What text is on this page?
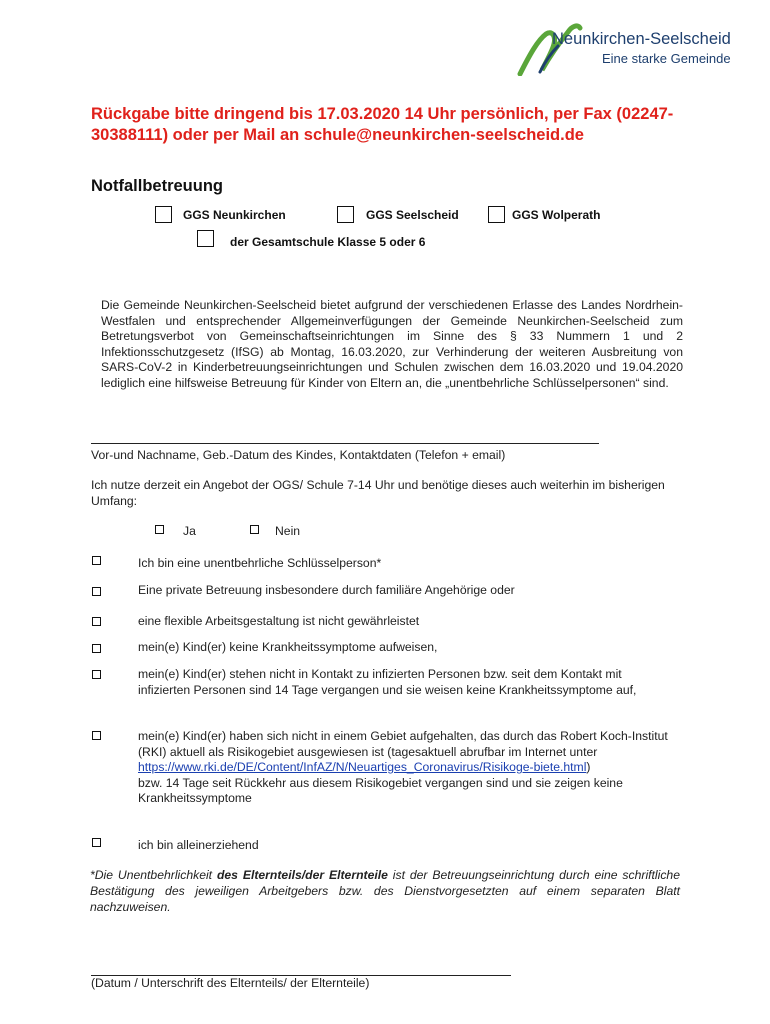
Neunkirchen-Seelscheid
Eine starke Gemeinde
Rückgabe bitte dringend bis 17.03.2020 14 Uhr persönlich, per Fax (02247-30388111) oder per Mail an schule@neunkirchen-seelscheid.de
Notfallbetreuung
GGS Neunkirchen	GGS Seelscheid	GGS Wolperath
der Gesamtschule Klasse 5 oder 6
Die Gemeinde Neunkirchen-Seelscheid bietet aufgrund der verschiedenen Erlasse des Landes Nordrhein-Westfalen und entsprechender Allgemeinverfügungen der Gemeinde Neunkirchen-Seelscheid zum Betretungsverbot von Gemeinschaftseinrichtungen im Sinne des § 33 Nummern 1 und 2 Infektionsschutzgesetz (IfSG) ab Montag, 16.03.2020, zur Verhinderung der weiteren Ausbreitung von SARS-CoV-2 in Kinderbetreuungseinrichtungen und Schulen zwischen dem 16.03.2020 und 19.04.2020 lediglich eine hilfsweise Betreuung für Kinder von Eltern an, die „unentbehrliche Schlüsselpersonen“ sind.
Vor-und Nachname, Geb.-Datum des Kindes, Kontaktdaten (Telefon + email)
Ich nutze derzeit ein Angebot der OGS/ Schule 7-14 Uhr und benötige dieses auch weiterhin im bisherigen Umfang:
Ja	Nein
Ich bin eine unentbehrliche Schlüsselperson*
Eine private Betreuung insbesondere durch familiäre Angehörige oder
eine flexible Arbeitsgestaltung ist nicht gewährleistet
mein(e) Kind(er) keine Krankheitssymptome aufweisen,
mein(e) Kind(er) stehen nicht in Kontakt zu infizierten Personen bzw. seit dem Kontakt mit infizierten Personen sind 14 Tage vergangen und sie weisen keine Krankheitssymptome auf,
mein(e) Kind(er) haben sich nicht in einem Gebiet aufgehalten, das durch das Robert Koch-Institut (RKI) aktuell als Risikogebiet ausgewiesen ist (tagesaktuell abrufbar im Internet unter
https://www.rki.de/DE/Content/InfAZ/N/Neuartiges_Coronavirus/Risikoge-biete.html)
bzw. 14 Tage seit Rückkehr aus diesem Risikogebiet vergangen sind und sie zeigen keine Krankheitssymptome
ich bin alleinerziehend
*Die Unentbehrlichkeit des Elternteils/der Elternteile ist der Betreuungseinrichtung durch eine schriftliche Bestätigung des jeweiligen Arbeitgebers bzw. des Dienstvorgesetzten auf einem separaten Blatt nachzuweisen.
(Datum / Unterschrift des Elternteils/ der Elternteile)
